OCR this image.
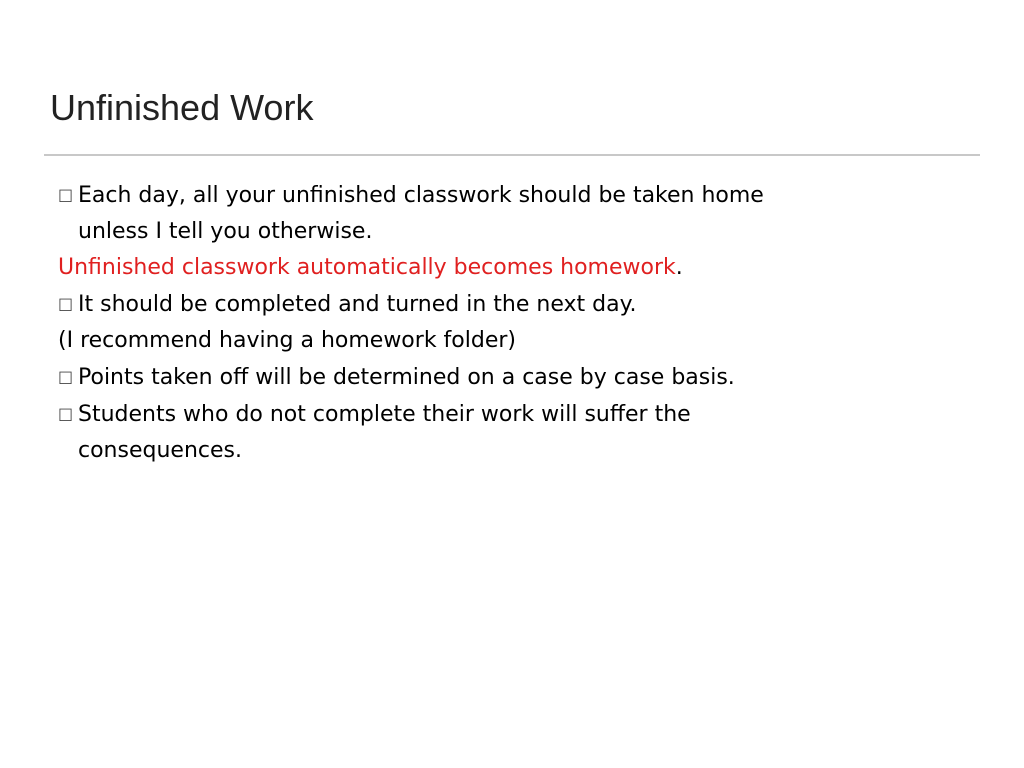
Unfinished Work
□ Each day, all your unfinished classwork should be taken home
unless I tell you otherwise.
Unfinished classwork automatically becomes homework.
□ It should be completed and turned in the next day.
(I recommend having a homework folder)
□ Points taken off will be determined on a case by case basis.
□ Students who do not complete their work will suffer the
consequences.
